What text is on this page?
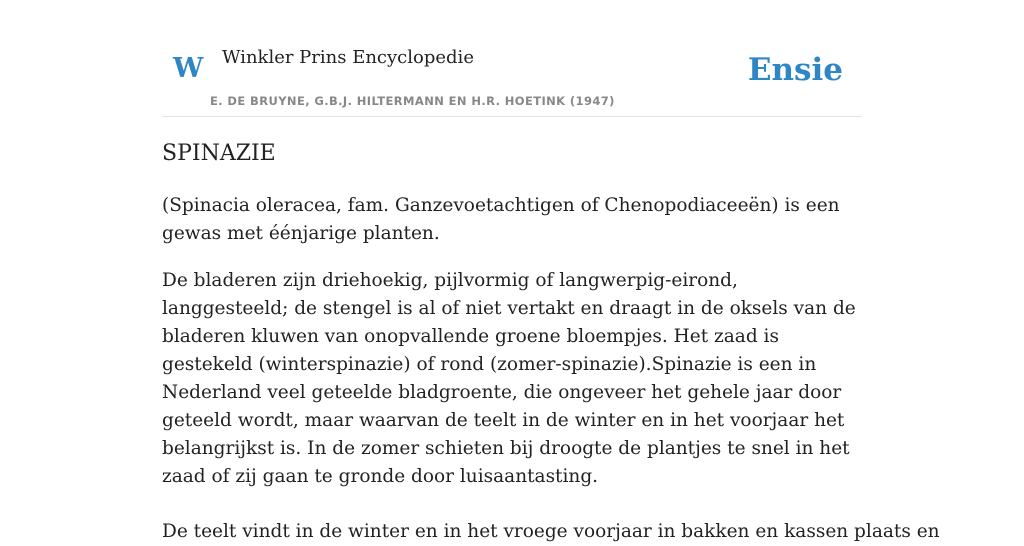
W Winkler Prins Encyclopedie
E. DE BRUYNE, G.B.J. HILTERMANN EN H.R. HOETINK (1947)
Ensie
SPINAZIE

(Spinacia oleracea, fam. Ganzevoetachtigen of Chenopodiaceeën) is een gewas met éénjarige planten.

De bladeren zijn driehoekig, pijlvormig of langwerpig-eirond, langgesteeld; de stengel is al of niet vertakt en draagt in de oksels van de bladeren kluwen van onopvallende groene bloempjes. Het zaad is gestekeld (winterspinazie) of rond (zomer-spinazie).Spinazie is een in Nederland veel geteelde bladgroente, die ongeveer het gehele jaar door geteeld wordt, maar waarvan de teelt in de winter en in het voorjaar het belangrijkst is. In de zomer schieten bij droogte de plantjes te snel in het zaad of zij gaan te gronde door luisaantasting.

De teelt vindt in de winter en in het vroege voorjaar in bakken en kassen plaats en
